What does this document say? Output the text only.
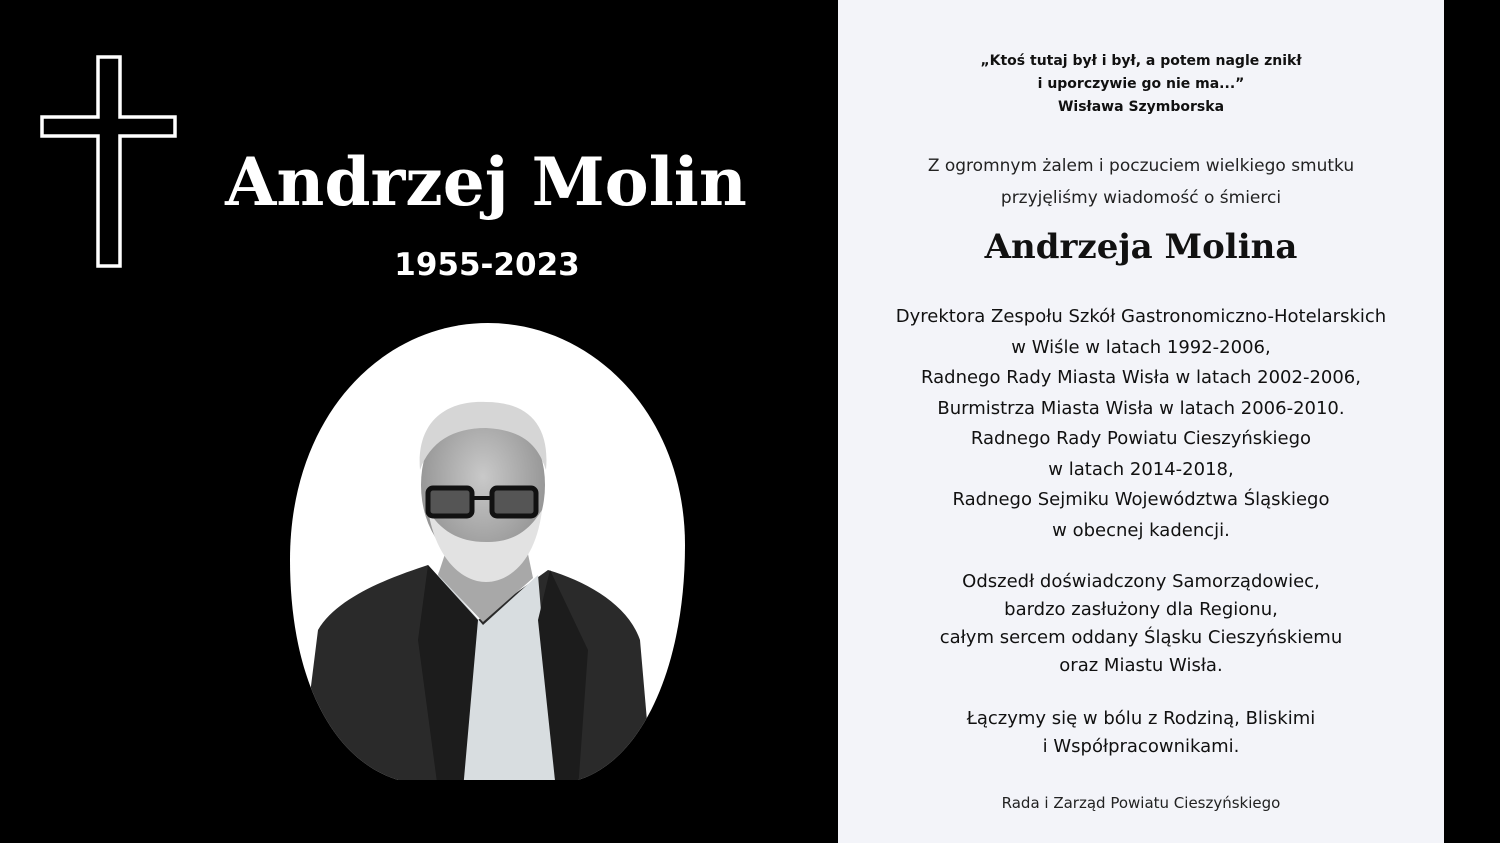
Andrzej Molin
1955-2023
„Ktoś tutaj był i był, a potem nagle znikł
i uporczywie go nie ma...”
Wisława Szymborska
Z ogromnym żalem i poczuciem wielkiego smutku
przyjęliśmy wiadomość o śmierci
Andrzeja Molina
Dyrektora Zespołu Szkół Gastronomiczno-Hotelarskich
w Wiśle w latach 1992-2006,
Radnego Rady Miasta Wisła w latach 2002-2006,
Burmistrza Miasta Wisła w latach 2006-2010.
Radnego Rady Powiatu Cieszyńskiego
w latach 2014-2018,
Radnego Sejmiku Województwa Śląskiego
w obecnej kadencji.
Odszedł doświadczony Samorządowiec,
bardzo zasłużony dla Regionu,
całym sercem oddany Śląsku Cieszyńskiemu
oraz Miastu Wisła.
Łączymy się w bólu z Rodziną, Bliskimi
i Współpracownikami.
Rada i Zarząd Powiatu Cieszyńskiego
